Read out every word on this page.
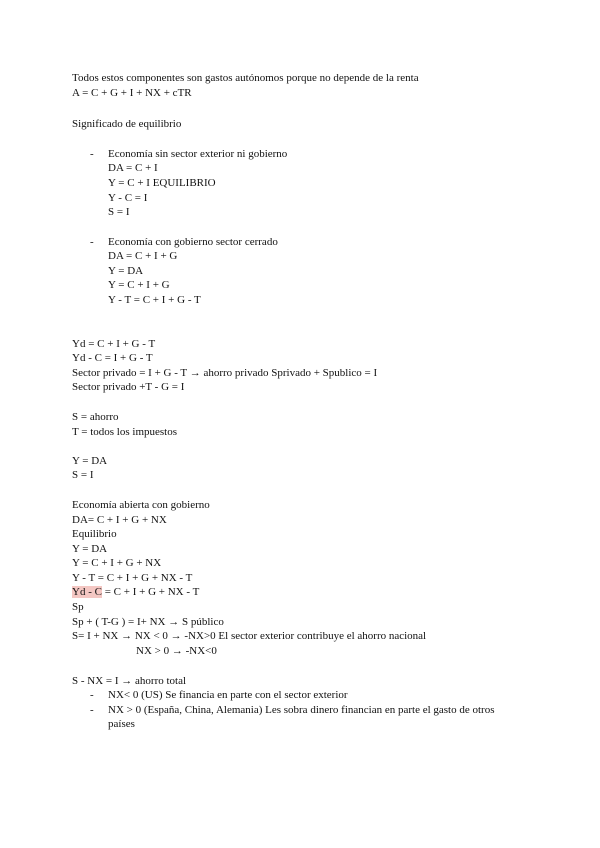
Todos estos componentes son gastos autónomos porque no depende de la renta
A = C + G + I + NX + cTR
Significado de equilibrio
- Economía sin sector exterior ni gobierno
DA = C + I
Y = C + I EQUILIBRIO
Y - C = I
S = I
- Economía con gobierno sector cerrado
DA = C + I + G
Y = DA
Y = C + I + G
Y - T = C + I + G - T
Yd = C + I + G - T
Yd - C = I + G - T
Sector privado = I + G - T → ahorro privado Sprivado + Spublico = I
Sector privado +T - G = I
S = ahorro
T = todos los impuestos
Y = DA
S = I
Economía abierta con gobierno
DA= C + I + G + NX
Equilibrio
Y = DA
Y = C + I + G + NX
Y - T = C + I + G + NX - T
Yd - C = C + I + G + NX - T
Sp
Sp + ( T-G ) = I+ NX → S público
S= I + NX → NX < 0 → -NX>0 El sector exterior contribuye el ahorro nacional
NX > 0 → -NX<0
S - NX = I → ahorro total
- NX< 0 (US) Se financia en parte con el sector exterior
- NX > 0 (España, China, Alemania) Les sobra dinero financian en parte el gasto de otros
países
